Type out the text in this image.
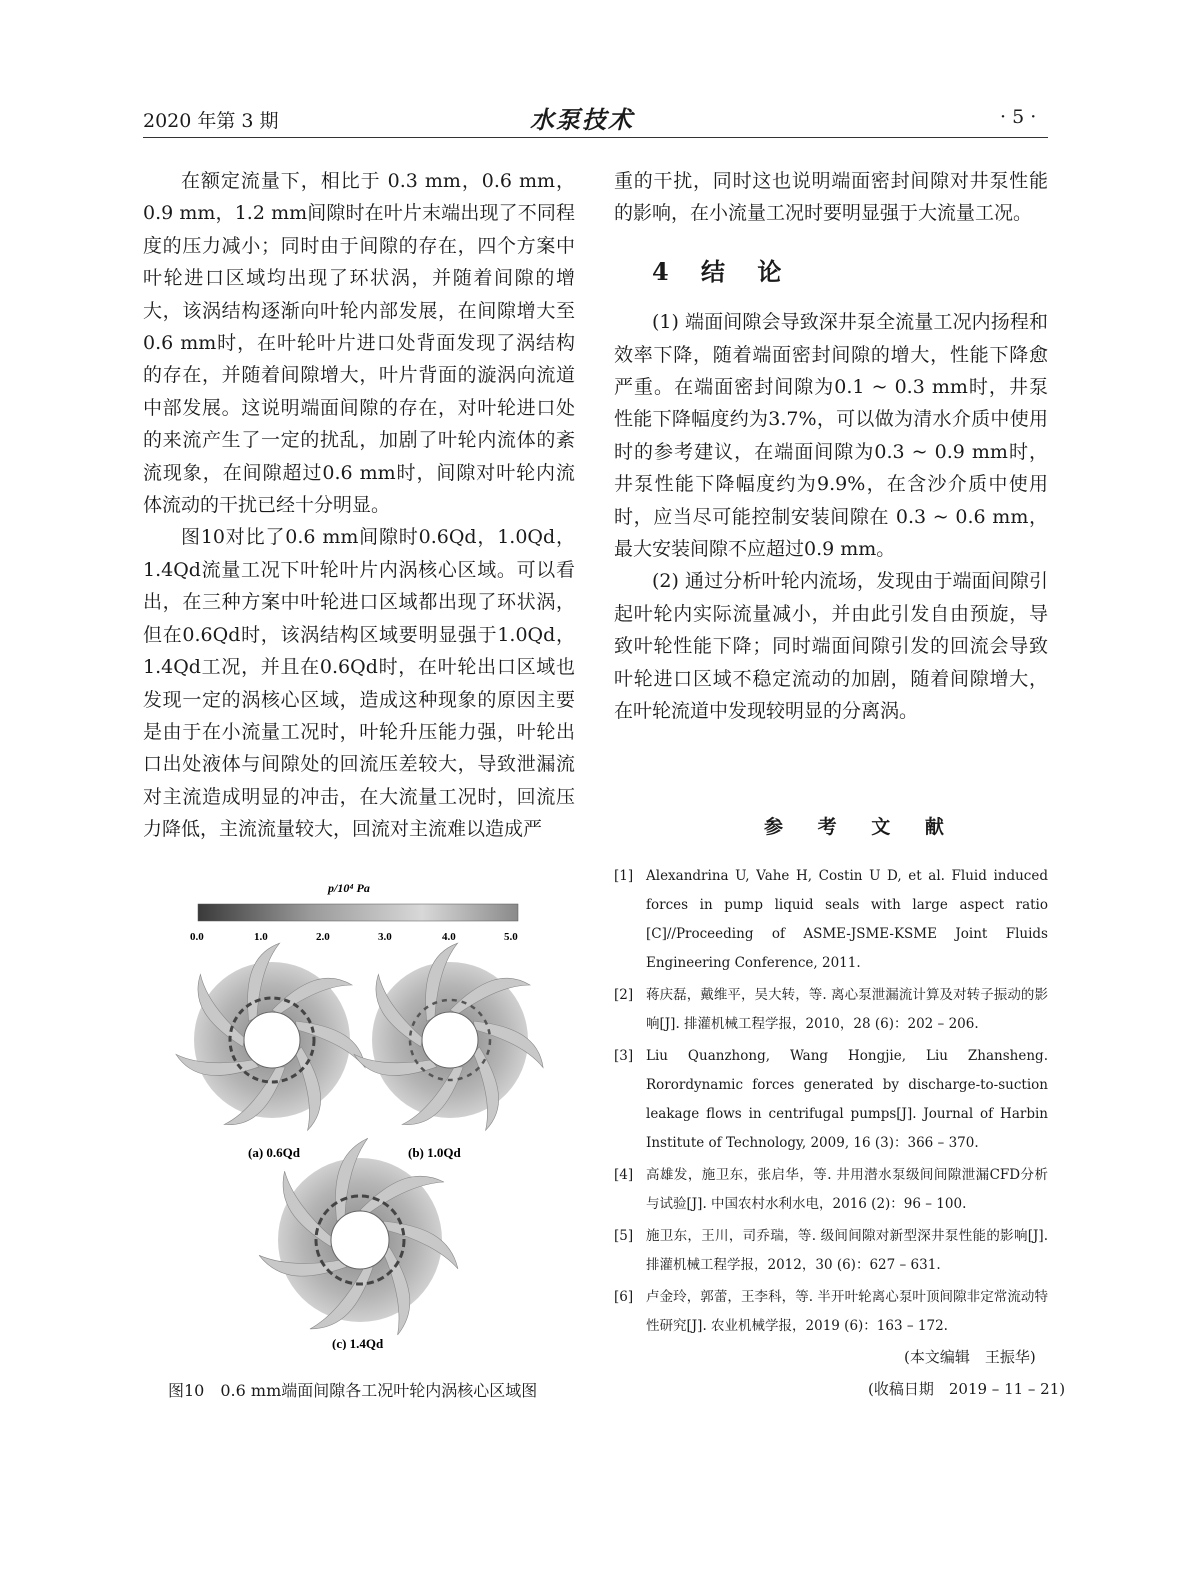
2020 年第 3 期	水泵技术	· 5 ·

在额定流量下，相比于 0.3 mm，0.6 mm，0.9 mm，1.2 mm间隙时在叶片末端出现了不同程度的压力减小；同时由于间隙的存在，四个方案中叶轮进口区域均出现了环状涡，并随着间隙的增大，该涡结构逐渐向叶轮内部发展，在间隙增大至0.6 mm时，在叶轮叶片进口处背面发现了涡结构的存在，并随着间隙增大，叶片背面的漩涡向流道中部发展。这说明端面间隙的存在，对叶轮进口处的来流产生了一定的扰乱，加剧了叶轮内流体的紊流现象，在间隙超过0.6 mm时，间隙对叶轮内流体流动的干扰已经十分明显。

图10对比了0.6 mm间隙时0.6Qd，1.0Qd，1.4Qd流量工况下叶轮叶片内涡核心区域。可以看出，在三种方案中叶轮进口区域都出现了环状涡，但在0.6Qd时，该涡结构区域要明显强于1.0Qd，1.4Qd工况，并且在0.6Qd时，在叶轮出口区域也发现一定的涡核心区域，造成这种现象的原因主要是由于在小流量工况时，叶轮升压能力强，叶轮出口出处液体与间隙处的回流压差较大，导致泄漏流对主流造成明显的冲击，在大流量工况时，回流压力降低，主流流量较大，回流对主流难以造成严

重的干扰，同时这也说明端面密封间隙对井泵性能的影响，在小流量工况时要明显强于大流量工况。

4 结 论

(1) 端面间隙会导致深井泵全流量工况内扬程和效率下降，随着端面密封间隙的增大，性能下降愈严重。在端面密封间隙为0.1 ~ 0.3 mm时，井泵性能下降幅度约为3.7%，可以做为清水介质中使用时的参考建议，在端面间隙为0.3 ~ 0.9 mm时，井泵性能下降幅度约为9.9%，在含沙介质中使用时，应当尽可能控制安装间隙在 0.3 ~ 0.6 mm，最大安装间隙不应超过0.9 mm。

(2) 通过分析叶轮内流场，发现由于端面间隙引起叶轮内实际流量减小，并由此引发自由预旋，导致叶轮性能下降；同时端面间隙引发的回流会导致叶轮进口区域不稳定流动的加剧，随着间隙增大，在叶轮流道中发现较明显的分离涡。

参 考 文 献
[1] Alexandrina U, Vahe H, Costin U D, et al. Fluid induced forces in pump liquid seals with large aspect ratio [C]//Proceeding of ASME-JSME-KSME Joint Fluids Engineering Conference, 2011.
[2] 蒋庆磊，戴维平，吴大转，等. 离心泵泄漏流计算及对转子振动的影响[J]. 排灌机械工程学报，2010，28 (6)：202 – 206.
[3] Liu Quanzhong, Wang Hongjie, Liu Zhansheng. Rorordynamic forces generated by discharge-to-suction leakage flows in centrifugal pumps[J]. Journal of Harbin Institute of Technology, 2009, 16 (3)：366 – 370.
[4] 高雄发，施卫东，张启华，等. 井用潜水泵级间间隙泄漏CFD分析与试验[J]. 中国农村水利水电，2016 (2)：96 – 100.
[5] 施卫东，王川，司乔瑞，等. 级间间隙对新型深井泵性能的影响[J]. 排灌机械工程学报，2012，30 (6)：627 – 631.
[6] 卢金玲，郭蕾，王李科，等. 半开叶轮离心泵叶顶间隙非定常流动特性研究[J]. 农业机械学报，2019 (6)：163 – 172.
(本文编辑　王振华)
(收稿日期　2019 – 11 – 21)
p/10⁴ Pa
0.0	1.0	2.0	3.0	4.0	5.0
(a) 0.6Qd	(b) 1.0Qd
(c) 1.4Qd
图10　0.6 mm端面间隙各工况叶轮内涡核心区域图
